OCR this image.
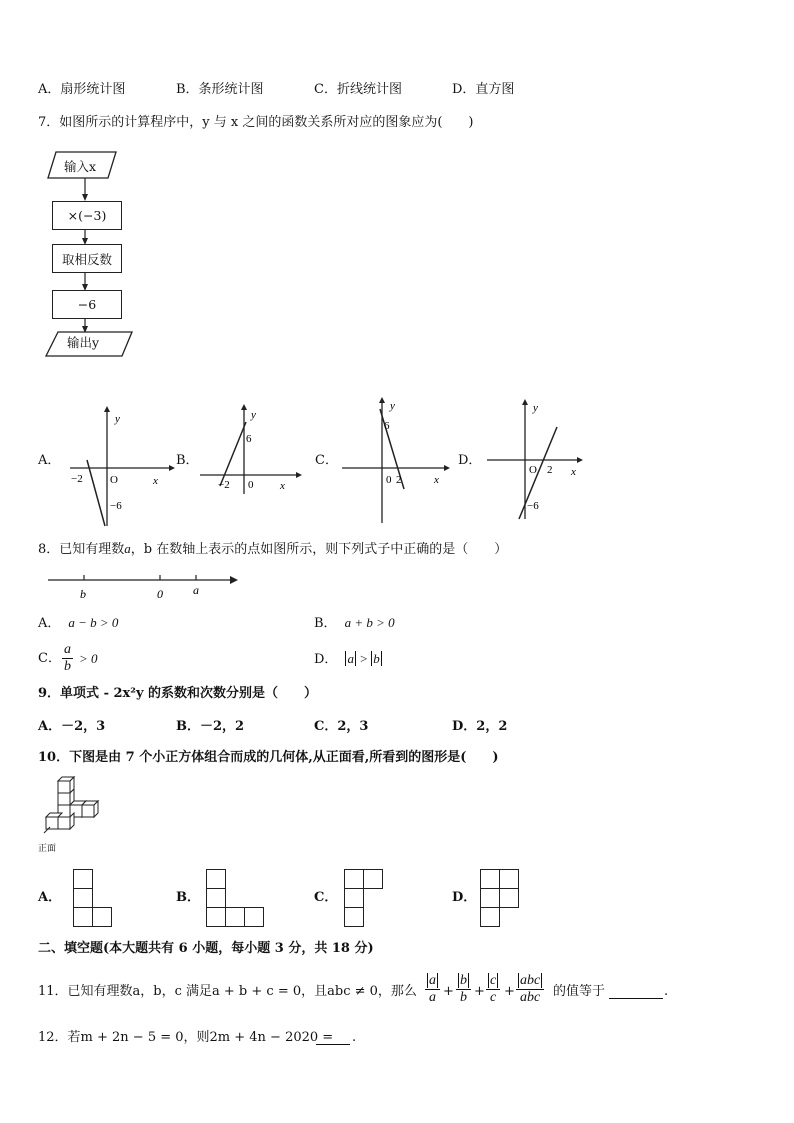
A．扇形统计图	B．条形统计图	C．折线统计图	D．直方图
7．如图所示的计算程序中，y 与 x 之间的函数关系所对应的图象应为(　　)
输入x
×(−3)
取相反数
−6
输出y
A．	B．	C．	D．
y
x
O
−2
−6
y
x
0
−2
6
y
x
6
0 2
y
x
O 2
−6
8．已知有理数a，b 在数轴上表示的点如图所示，则下列式子中正确的是（　　）
b	0	a
A． a − b > 0	B． a + b > 0
C． $\frac{a}{b} > 0$	D． a > b
9．单项式 - 2x²y 的系数和次数分别是（　　）
A．－2，3	B．－2，2	C．2，3	D．2，2
10．下图是由 7 个小正方体组合而成的几何体,从正面看,所看到的图形是(　　)
正面
A．	B．	C．	D．
二、填空题(本大题共有 6 小题，每小题 3 分，共 18 分)
11．已知有理数a，b，c 满足a + b + c = 0，且abc ≠ 0，那么 $\frac{a}{a} + \frac{b}{b} + \frac{c}{c}$ +
abc
abc 的值等于	.
12．若m + 2n − 5 = 0，则2m + 4n − 2020 = .
